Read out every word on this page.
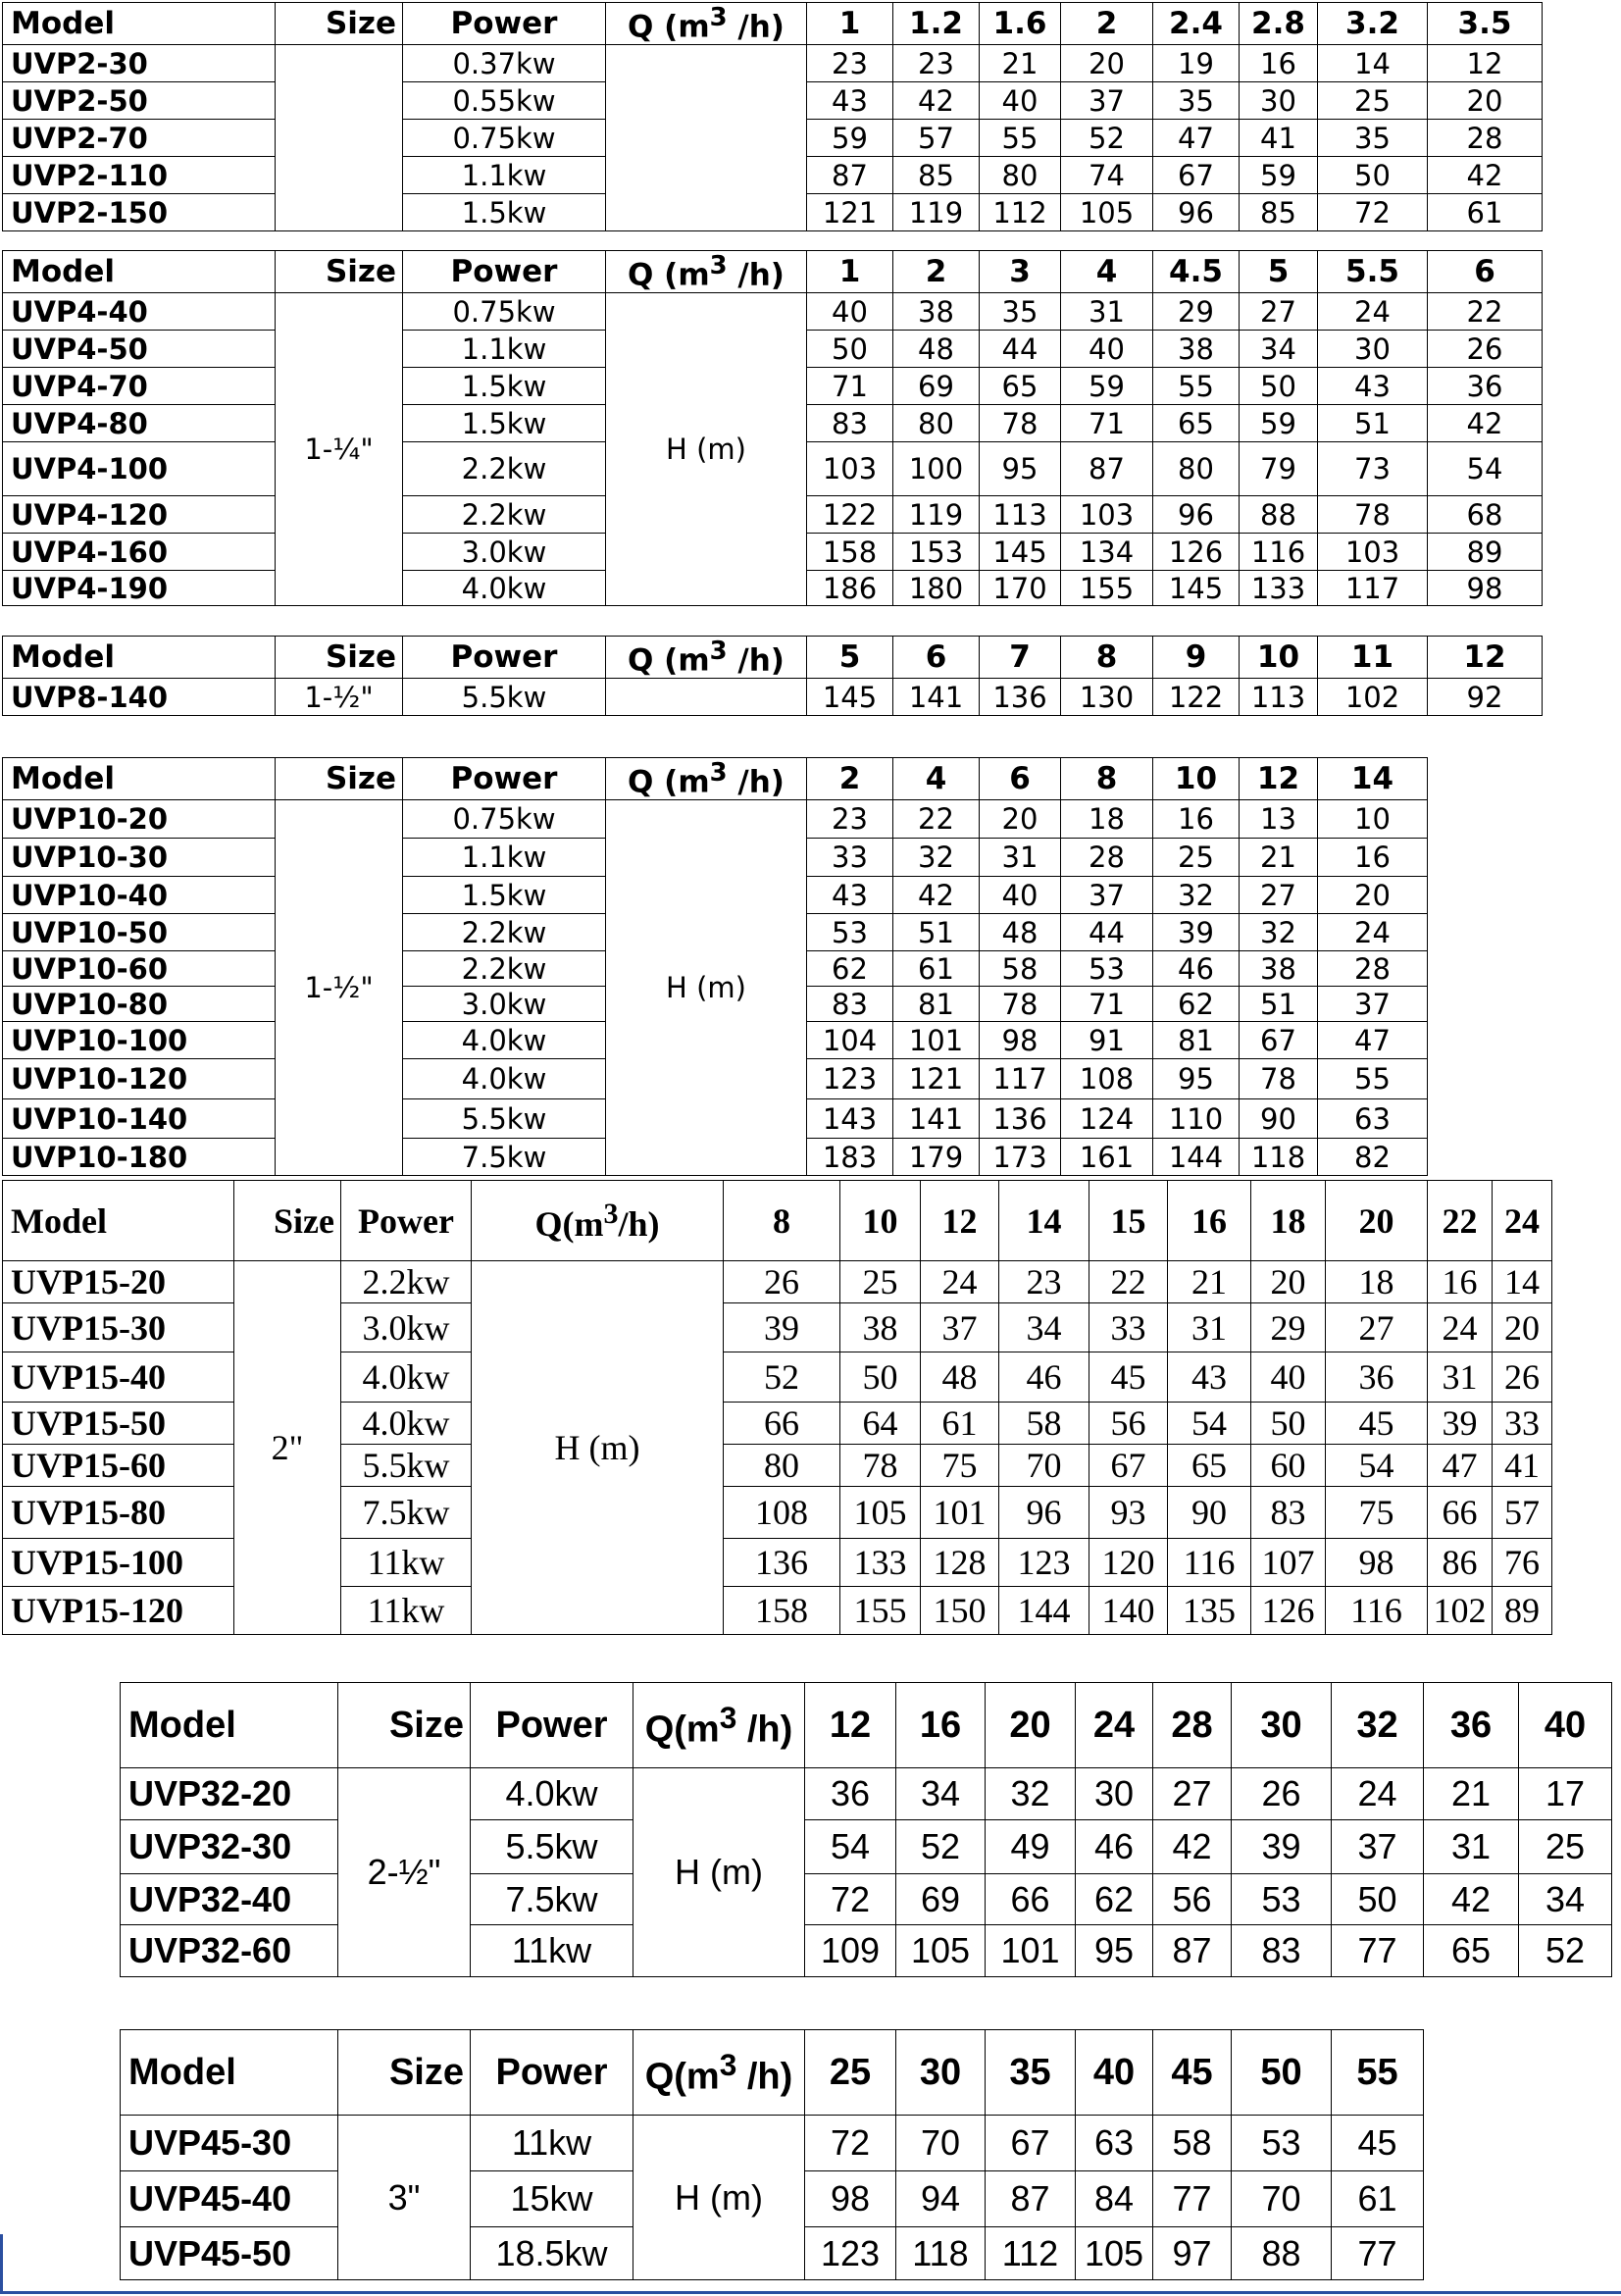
Model	Size	Power	Q ($m^3$ /h)	1	1.2	1.6	2	2.4	2.8	3.2	3.5
UVP2-30		0.37kw		23	23	21	20	19	16	14	12
UVP2-50		0.55kw		43	42	40	37	35	30	25	20
UVP2-70		0.75kw		59	57	55	52	47	41	35	28
UVP2-110		1.1kw		87	85	80	74	67	59	50	42
UVP2-150		1.5kw		121	119	112	105	96	85	72	61
Model	Size	Power	Q ($m^3$ /h)	1	2	3	4	4.5	5	5.5	6
UVP4-40	1-¼"	0.75kw	H (m)	40	38	35	31	29	27	24	22
UVP4-50		1.1kw		50	48	44	40	38	34	30	26
UVP4-70		1.5kw		71	69	65	59	55	50	43	36
UVP4-80		1.5kw		83	80	78	71	65	59	51	42
UVP4-100		2.2kw		103	100	95	87	80	79	73	54
UVP4-120		2.2kw		122	119	113	103	96	88	78	68
UVP4-160		3.0kw		158	153	145	134	126	116	103	89
UVP4-190		4.0kw		186	180	170	155	145	133	117	98
Model	Size	Power	Q ($m^3$ /h)	5	6	7	8	9	10	11	12
UVP8-140	1-½"	5.5kw		145	141	136	130	122	113	102	92
Model	Size	Power	Q ($m^3$ /h)	2	4	6	8	10	12	14
UVP10-20	1-½"	0.75kw	H (m)	23	22	20	18	16	13	10
UVP10-30		1.1kw		33	32	31	28	25	21	16
UVP10-40		1.5kw		43	42	40	37	32	27	20
UVP10-50		2.2kw		53	51	48	44	39	32	24
UVP10-60		2.2kw		62	61	58	53	46	38	28
UVP10-80		3.0kw		83	81	78	71	62	51	37
UVP10-100		4.0kw		104	101	98	91	81	67	47
UVP10-120		4.0kw		123	121	117	108	95	78	55
UVP10-140		5.5kw		143	141	136	124	110	90	63
UVP10-180		7.5kw		183	179	173	161	144	118	82
Model	Size	Power	$Q(m^3/h)$	8	10	12	14	15	16	18	20	22	24
UVP15-20	2"	2.2kw	H (m)	26	25	24	23	22	21	20	18	16	14
UVP15-30		3.0kw		39	38	37	34	33	31	29	27	24	20
UVP15-40		4.0kw		52	50	48	46	45	43	40	36	31	26
UVP15-50		4.0kw		66	64	61	58	56	54	50	45	39	33
UVP15-60		5.5kw		80	78	75	70	67	65	60	54	47	41
UVP15-80		7.5kw		108	105	101	96	93	90	83	75	66	57
UVP15-100		11kw		136	133	128	123	120	116	107	98	86	76
UVP15-120		11kw		158	155	150	144	140	135	126	116	102	89
Model	Size	Power	$Q(m^3$ /h)	12	16	20	24	28	30	32	36	40
UVP32-20	2-½"	4.0kw	H (m)	36	34	32	30	27	26	24	21	17
UVP32-30		5.5kw		54	52	49	46	42	39	37	31	25
UVP32-40		7.5kw		72	69	66	62	56	53	50	42	34
UVP32-60		11kw		109	105	101	95	87	83	77	65	52
Model	Size	Power	$Q(m^3$ /h)	25	30	35	40	45	50	55
UVP45-30	3"	11kw	H (m)	72	70	67	63	58	53	45
UVP45-40		15kw		98	94	87	84	77	70	61
UVP45-50		18.5kw		123	118	112	105	97	88	77
